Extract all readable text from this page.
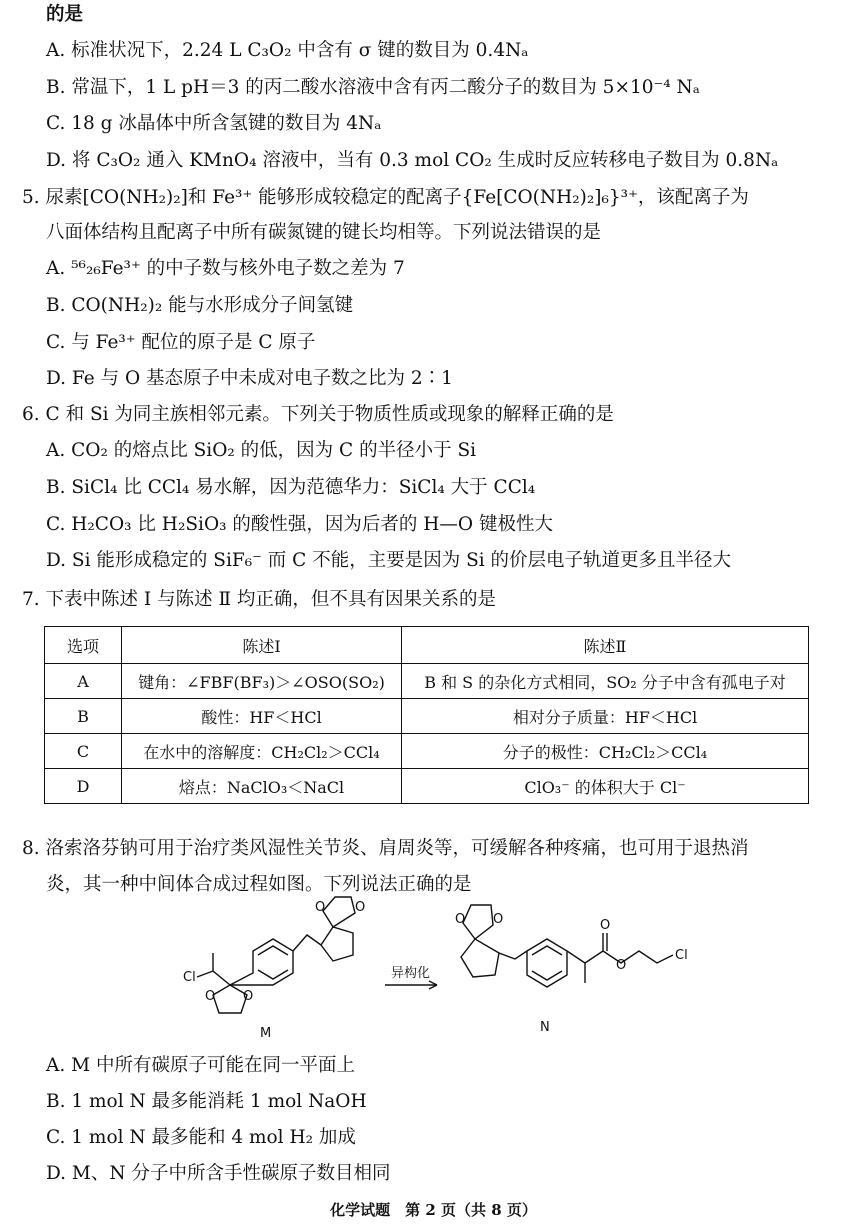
的是
A. 标准状况下，2.24 L C₃O₂ 中含有 σ 键的数目为 0.4Nₐ
B. 常温下，1 L pH＝3 的丙二酸水溶液中含有丙二酸分子的数目为 5×10⁻⁴ Nₐ
C. 18 g 冰晶体中所含氢键的数目为 4Nₐ
D. 将 C₃O₂ 通入 KMnO₄ 溶液中，当有 0.3 mol CO₂ 生成时反应转移电子数目为 0.8Nₐ
5. 尿素[CO(NH₂)₂]和 Fe³⁺ 能够形成较稳定的配离子{Fe[CO(NH₂)₂]₆}³⁺，该配离子为
八面体结构且配离子中所有碳氮键的键长均相等。下列说法错误的是
A. ⁵⁶₂₆Fe³⁺ 的中子数与核外电子数之差为 7
B. CO(NH₂)₂ 能与水形成分子间氢键
C. 与 Fe³⁺ 配位的原子是 C 原子
D. Fe 与 O 基态原子中未成对电子数之比为 2∶1
6. C 和 Si 为同主族相邻元素。下列关于物质性质或现象的解释正确的是
A. CO₂ 的熔点比 SiO₂ 的低，因为 C 的半径小于 Si
B. SiCl₄ 比 CCl₄ 易水解，因为范德华力：SiCl₄ 大于 CCl₄
C. H₂CO₃ 比 H₂SiO₃ 的酸性强，因为后者的 H—O 键极性大
D. Si 能形成稳定的 SiF₆⁻ 而 C 不能，主要是因为 Si 的价层电子轨道更多且半径大
7. 下表中陈述 Ⅰ 与陈述 Ⅱ 均正确，但不具有因果关系的是
选项	陈述Ⅰ	陈述Ⅱ
A	键角：∠FBF(BF₃)＞∠OSO(SO₂)	B 和 S 的杂化方式相同，SO₂ 分子中含有孤电子对
B	酸性：HF＜HCl	相对分子质量：HF＜HCl
C	在水中的溶解度：CH₂Cl₂＞CCl₄	分子的极性：CH₂Cl₂＞CCl₄
D	熔点：NaClO₃＜NaCl	ClO₃⁻ 的体积大于 Cl⁻
8. 洛索洛芬钠可用于治疗类风湿性关节炎、肩周炎等，可缓解各种疼痛，也可用于退热消
炎，其一种中间体合成过程如图。下列说法正确的是
Cl
O O
O O
异构化
O O	O
O
Cl
M	N
A. M 中所有碳原子可能在同一平面上
B. 1 mol N 最多能消耗 1 mol NaOH
C. 1 mol N 最多能和 4 mol H₂ 加成
D. M、N 分子中所含手性碳原子数目相同
化学试题　第 2 页（共 8 页）
